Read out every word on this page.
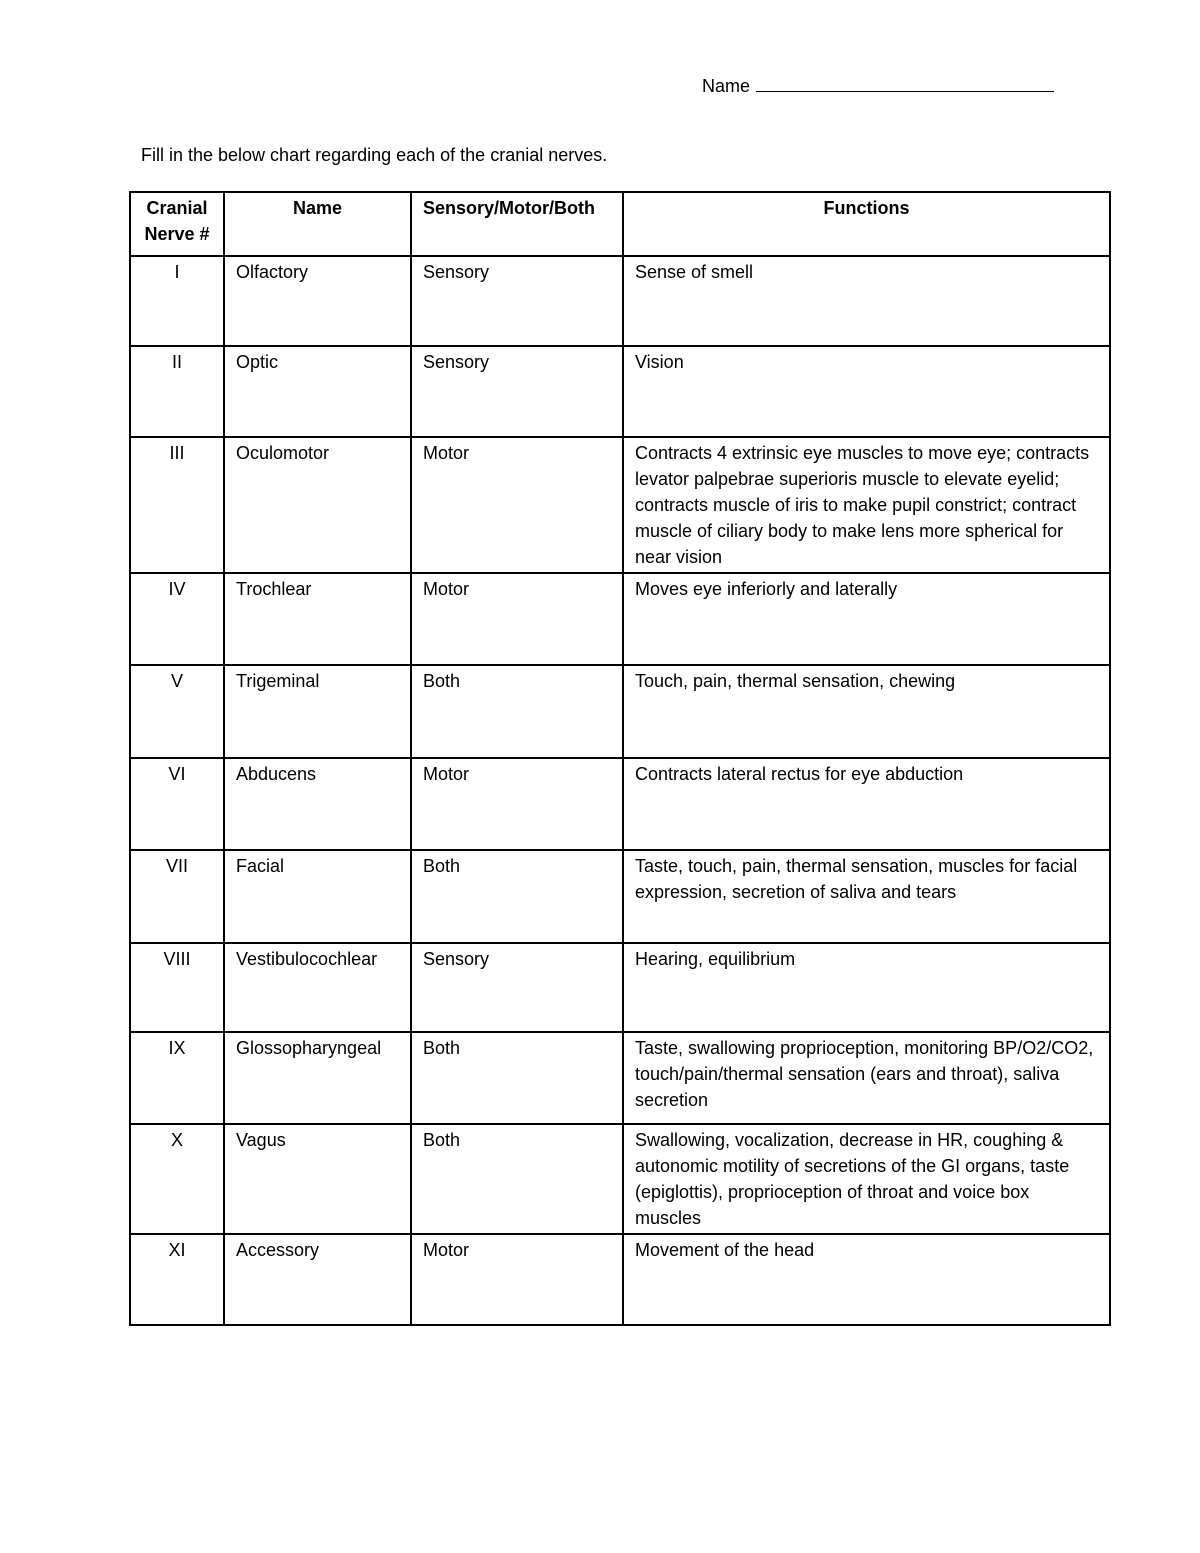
Name
Fill in the below chart regarding each of the cranial nerves.
Cranial Nerve #	Name	Sensory/Motor/Both	Functions
I	Olfactory	Sensory	Sense of smell
II	Optic	Sensory	Vision
III	Oculomotor	Motor	Contracts 4 extrinsic eye muscles to move eye; contracts levator palpebrae superioris muscle to elevate eyelid; contracts muscle of iris to make pupil constrict; contract muscle of ciliary body to make lens more spherical for near vision
IV	Trochlear	Motor	Moves eye inferiorly and laterally
V	Trigeminal	Both	Touch, pain, thermal sensation, chewing
VI	Abducens	Motor	Contracts lateral rectus for eye abduction
VII	Facial	Both	Taste, touch, pain, thermal sensation, muscles for facial expression, secretion of saliva and tears
VIII	Vestibulocochlear	Sensory	Hearing, equilibrium
IX	Glossopharyngeal	Both	Taste, swallowing proprioception, monitoring BP/O2/CO2, touch/pain/thermal sensation (ears and throat), saliva secretion
X	Vagus	Both	Swallowing, vocalization, decrease in HR, coughing & autonomic motility of secretions of the GI organs, taste (epiglottis), proprioception of throat and voice box muscles
XI	Accessory	Motor	Movement of the head
